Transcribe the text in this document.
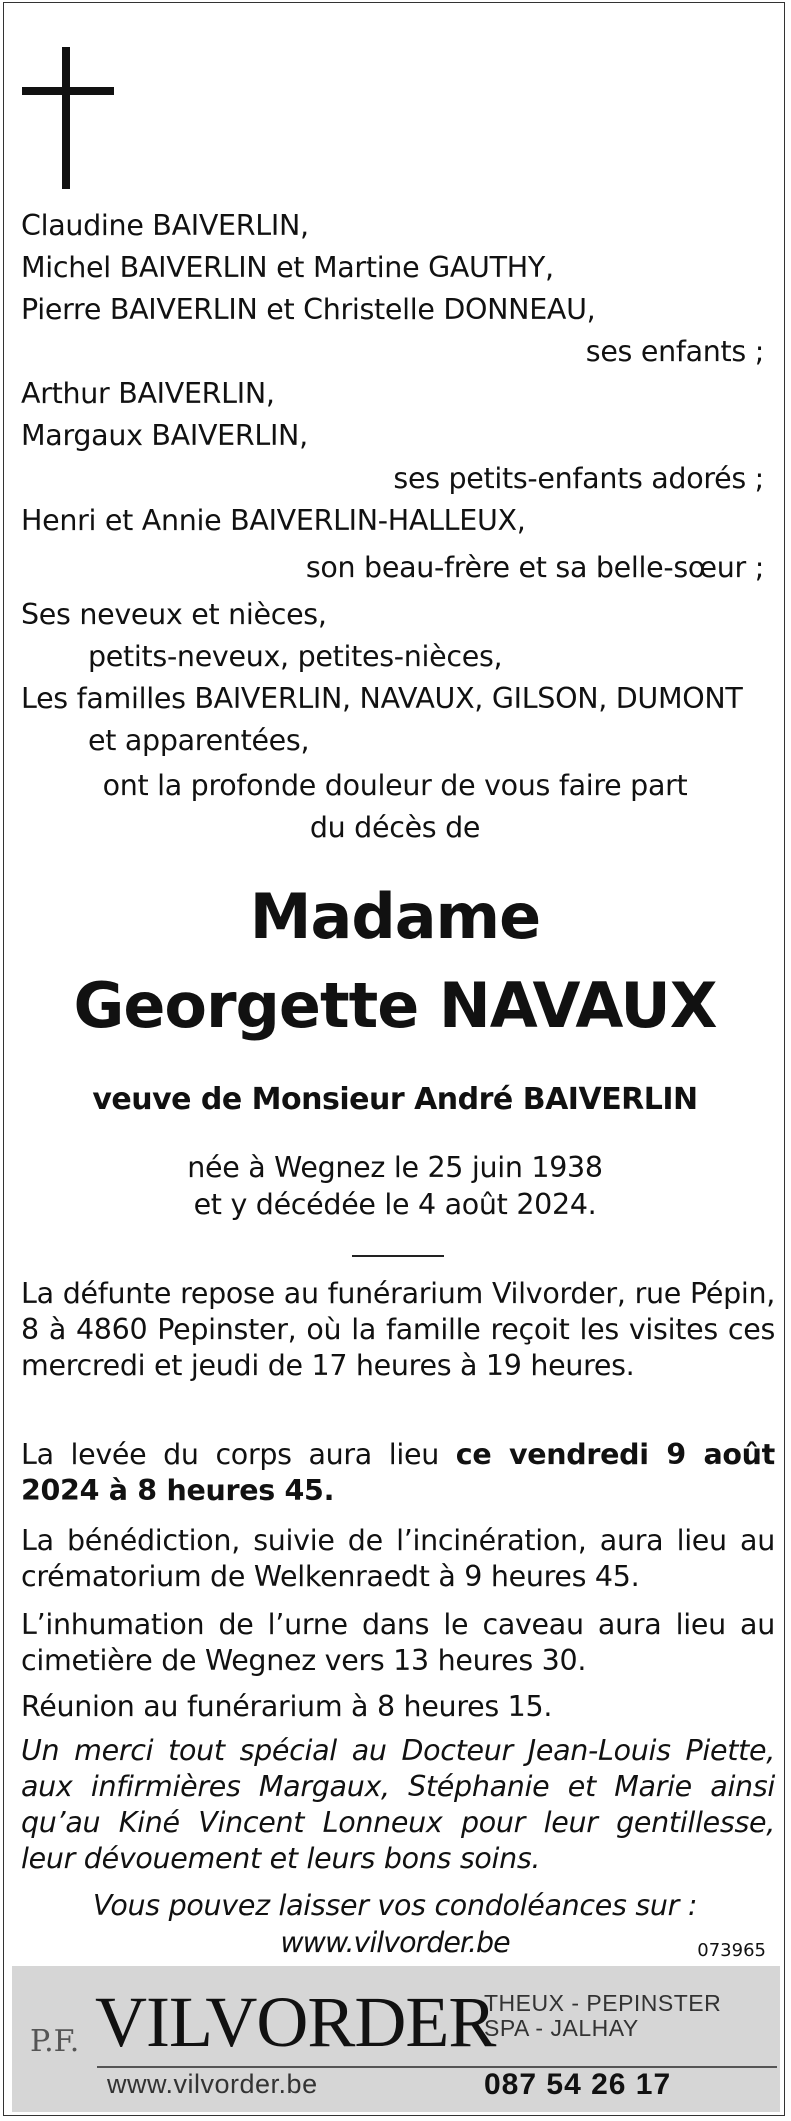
Claudine BAIVERLIN,
Michel BAIVERLIN et Martine GAUTHY,
Pierre BAIVERLIN et Christelle DONNEAU,
ses enfants ;
Arthur BAIVERLIN,
Margaux BAIVERLIN,
ses petits-enfants adorés ;
Henri et Annie BAIVERLIN-HALLEUX,
son beau-frère et sa belle-sœur ;
Ses neveux et nièces,
petits-neveux, petites-nièces,
Les familles BAIVERLIN, NAVAUX, GILSON, DUMONT
et apparentées,
ont la profonde douleur de vous faire part
du décès de
Madame
Georgette NAVAUX
veuve de Monsieur André BAIVERLIN
née à Wegnez le 25 juin 1938
et y décédée le 4 août 2024.
La défunte repose au funérarium Vilvorder, rue Pépin, 8 à 4860 Pepinster, où la famille reçoit les visites ces mercredi et jeudi de 17 heures à 19 heures.
La levée du corps aura lieu ce vendredi 9 août 2024 à 8 heures 45.
La bénédiction, suivie de l’incinération, aura lieu au crématorium de Welkenraedt à 9 heures 45.
L’inhumation de l’urne dans le caveau aura lieu au cimetière de Wegnez vers 13 heures 30.
Réunion au funérarium à 8 heures 15.
Un merci tout spécial au Docteur Jean-Louis Piette, aux infirmières Margaux, Stéphanie et Marie ainsi qu’au Kiné Vincent Lonneux pour leur gentillesse, leur dévouement et leurs bons soins.
Vous pouvez laisser vos condoléances sur :
www.vilvorder.be	073965
P.F. VILVORDER
THEUX - PEPINSTER
SPA - JALHAY
www.vilvorder.be	087 54 26 17
